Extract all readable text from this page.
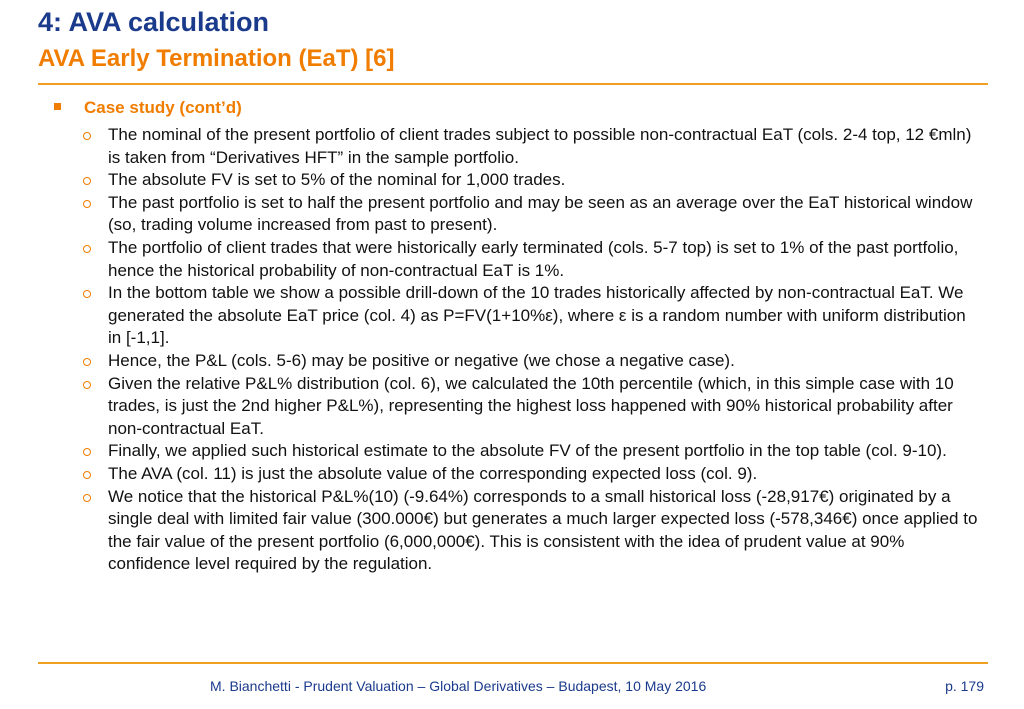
4: AVA calculation
AVA Early Termination (EaT) [6]
Case study (cont’d)
The nominal of the present portfolio of client trades subject to possible non-contractual EaT (cols. 2-4 top, 12 €mln) is taken from “Derivatives HFT” in the sample portfolio.
The absolute FV is set to 5% of the nominal for 1,000 trades.
The past portfolio is set to half the present portfolio and may be seen as an average over the EaT historical window (so, trading volume increased from past to present).
The portfolio of client trades that were historically early terminated (cols. 5-7 top) is set to 1% of the past portfolio, hence the historical probability of non-contractual EaT is 1%.
In the bottom table we show a possible drill-down of the 10 trades historically affected by non-contractual EaT. We generated the absolute EaT price (col. 4) as P=FV(1+10%ε), where ε is a random number with uniform distribution in [-1,1].
Hence, the P&L (cols. 5-6) may be positive or negative (we chose a negative case).
Given the relative P&L% distribution (col. 6), we calculated the 10th percentile (which, in this simple case with 10 trades, is just the 2nd higher P&L%), representing the highest loss happened with 90% historical probability after non-contractual EaT.
Finally, we applied such historical estimate to the absolute FV of the present portfolio in the top table (col. 9-10).
The AVA (col. 11) is just the absolute value of the corresponding expected loss (col. 9).
We notice that the historical P&L%(10) (-9.64%) corresponds to a small historical loss (-28,917€) originated by a single deal with limited fair value (300.000€) but generates a much larger expected loss (-578,346€) once applied to the fair value of the present portfolio (6,000,000€). This is consistent with the idea of prudent value at 90% confidence level required by the regulation.
M. Bianchetti - Prudent Valuation – Global Derivatives – Budapest, 10 May 2016	p. 179
